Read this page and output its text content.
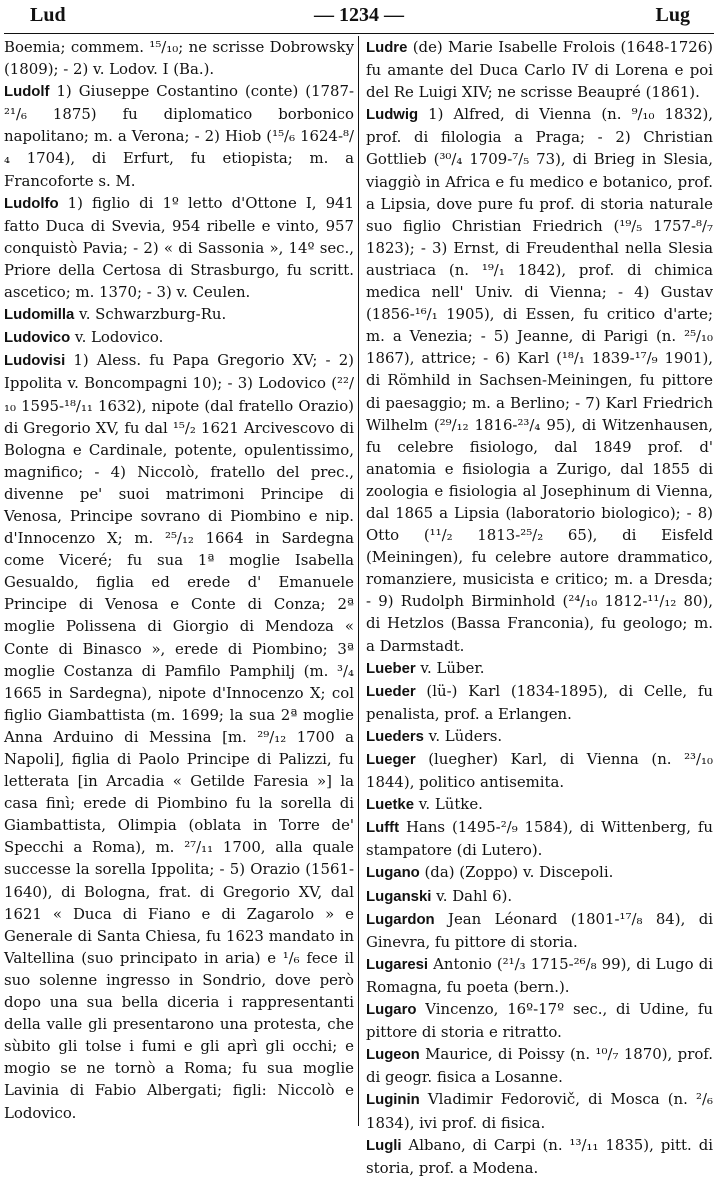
Lud	— 1234 —	Lug

Boemia; commem. ¹⁵/₁₀; ne scrisse Dobrowsky (1809); - 2) v. Lodov. I (Ba.).

Ludolf 1) Giuseppe Costantino (conte) (1787-²¹/₆ 1875) fu diplomatico borbonico napolitano; m. a Verona; - 2) Hiob (¹⁵/₆ 1624-⁸/₄ 1704), di Erfurt, fu etiopista; m. a Francoforte s. M.

Ludolfo 1) figlio di 1º letto d'Ottone I, 941 fatto Duca di Svevia, 954 ribelle e vinto, 957 conquistò Pavia; - 2) « di Sassonia », 14º sec., Priore della Certosa di Strasburgo, fu scritt. ascetico; m. 1370; - 3) v. Ceulen.

Ludomilla v. Schwarzburg-Ru.

Ludovico v. Lodovico.

Ludovisi 1) Aless. fu Papa Gregorio XV; - 2) Ippolita v. Boncompagni 10); - 3) Lodovico (²²/₁₀ 1595-¹⁸/₁₁ 1632), nipote (dal fratello Orazio) di Gregorio XV, fu dal ¹⁵/₂ 1621 Arcivescovo di Bologna e Cardinale, potente, opulentissimo, magnifico; - 4) Niccolò, fratello del prec., divenne pe' suoi matrimoni Principe di Venosa, Principe sovrano di Piombino e nip. d'Innocenzo X; m. ²⁵/₁₂ 1664 in Sardegna come Viceré; fu sua 1ª moglie Isabella Gesualdo, figlia ed erede d' Emanuele Principe di Venosa e Conte di Conza; 2ª moglie Polissena di Giorgio di Mendoza « Conte di Binasco », erede di Piombino; 3ª moglie Costanza di Pamfilo Pamphilj (m. ³/₄ 1665 in Sardegna), nipote d'Innocenzo X; col figlio Giambattista (m. 1699; la sua 2ª moglie Anna Arduino di Messina [m. ²⁹/₁₂ 1700 a Napoli], figlia di Paolo Principe di Palizzi, fu letterata [in Arcadia « Getilde Faresia »] la casa finì; erede di Piombino fu la sorella di Giambattista, Olimpia (oblata in Torre de' Specchi a Roma), m. ²⁷/₁₁ 1700, alla quale successe la sorella Ippolita; - 5) Orazio (1561-1640), di Bologna, frat. di Gregorio XV, dal 1621 « Duca di Fiano e di Zagarolo » e Generale di Santa Chiesa, fu 1623 mandato in Valtellina (suo principato in aria) e ¹/₆ fece il suo solenne ingresso in Sondrio, dove però dopo una sua bella diceria i rappresentanti della valle gli presentarono una protesta, che sùbito gli tolse i fumi e gli aprì gli occhi; e mogio se ne tornò a Roma; fu sua moglie Lavinia di Fabio Albergati; figli: Niccolò e Lodovico.

Ludre (de) Marie Isabelle Frolois (1648-1726) fu amante del Duca Carlo IV di Lorena e poi del Re Luigi XIV; ne scrisse Beaupré (1861).

Ludwig 1) Alfred, di Vienna (n. ⁹/₁₀ 1832), prof. di filologia a Praga; - 2) Christian Gottlieb (³⁰/₄ 1709-⁷/₅ 73), di Brieg in Slesia, viaggiò in Africa e fu medico e botanico, prof. a Lipsia, dove pure fu prof. di storia naturale suo figlio Christian Friedrich (¹⁹/₅ 1757-⁸/₇ 1823); - 3) Ernst, di Freudenthal nella Slesia austriaca (n. ¹⁹/₁ 1842), prof. di chimica medica nell' Univ. di Vienna; - 4) Gustav (1856-¹⁶/₁ 1905), di Essen, fu critico d'arte; m. a Venezia; - 5) Jeanne, di Parigi (n. ²⁵/₁₀ 1867), attrice; - 6) Karl (¹⁸/₁ 1839-¹⁷/₉ 1901), di Römhild in Sachsen-Meiningen, fu pittore di paesaggio; m. a Berlino; - 7) Karl Friedrich Wilhelm (²⁹/₁₂ 1816-²³/₄ 95), di Witzenhausen, fu celebre fisiologo, dal 1849 prof. d' anatomia e fisiologia a Zurigo, dal 1855 di zoologia e fisiologia al Josephinum di Vienna, dal 1865 a Lipsia (laboratorio biologico); - 8) Otto (¹¹/₂ 1813-²⁵/₂ 65), di Eisfeld (Meiningen), fu celebre autore drammatico, romanziere, musicista e critico; m. a Dresda; - 9) Rudolph Birminhold (²⁴/₁₀ 1812-¹¹/₁₂ 80), di Hetzlos (Bassa Franconia), fu geologo; m. a Darmstadt.

Lueber v. Lüber.

Lueder (lü-) Karl (1834-1895), di Celle, fu penalista, prof. a Erlangen.

Lueders v. Lüders.

Lueger (luegher) Karl, di Vienna (n. ²³/₁₀ 1844), politico antisemita.

Luetke v. Lütke.

Lufft Hans (1495-²/₉ 1584), di Wittenberg, fu stampatore (di Lutero).

Lugano (da) (Zoppo) v. Discepoli.

Luganski v. Dahl 6).

Lugardon Jean Léonard (1801-¹⁷/₈ 84), di Ginevra, fu pittore di storia.

Lugaresi Antonio (²¹/₃ 1715-²⁶/₈ 99), di Lugo di Romagna, fu poeta (bern.).

Lugaro Vincenzo, 16º-17º sec., di Udine, fu pittore di storia e ritratto.

Lugeon Maurice, di Poissy (n. ¹⁰/₇ 1870), prof. di geogr. fisica a Losanne.

Luginin Vladimir Fedorovič, di Mosca (n. ²/₆ 1834), ivi prof. di fisica.

Lugli Albano, di Carpi (n. ¹³/₁₁ 1835), pitt. di storia, prof. a Modena.
